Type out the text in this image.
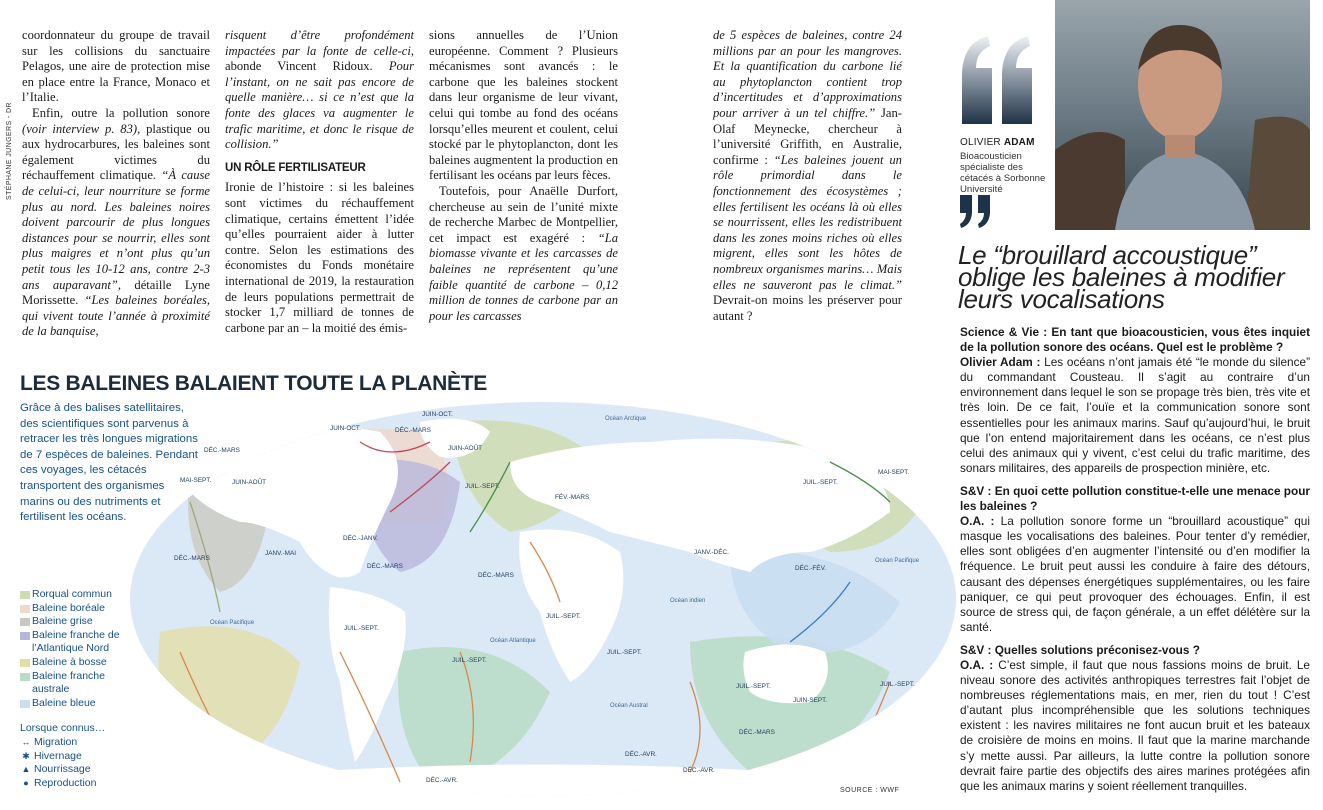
STÉPHANE JUNGERS - DR

coordonnateur du groupe de travail sur les collisions du sanctuaire Pelagos, une aire de protection mise en place entre la France, Monaco et l’Italie.

Enfin, outre la pollution sonore (voir interview p. 83), plastique ou aux hydrocarbures, les baleines sont également victimes du réchauffement climatique. “À cause de celui-ci, leur nourriture se forme plus au nord. Les baleines noires doivent parcourir de plus longues distances pour se nourrir, elles sont plus maigres et n’ont plus qu’un petit tous les 10-12 ans, contre 2-3 ans auparavant”, détaille Lyne Morissette. “Les baleines boréales, qui vivent toute l’année à proximité de la banquise,

risquent d’être profondément impactées par la fonte de celle-ci, abonde Vincent Ridoux. Pour l’instant, on ne sait pas encore de quelle manière… si ce n’est que la fonte des glaces va augmenter le trafic maritime, et donc le risque de collision.”

UN RÔLE FERTILISATEUR

Ironie de l’histoire : si les baleines sont victimes du réchauffement climatique, certains émettent l’idée qu’elles pourraient aider à lutter contre. Selon les estimations des économistes du Fonds monétaire international de 2019, la restauration de leurs populations permettrait de stocker 1,7 milliard de tonnes de carbone par an – la moitié des émis-

sions annuelles de l’Union européenne. Comment ? Plusieurs mécanismes sont avancés : le carbone que les baleines stockent dans leur organisme de leur vivant, celui qui tombe au fond des océans lorsqu’elles meurent et coulent, celui stocké par le phytoplancton, dont les baleines augmentent la production en fertilisant les océans par leurs fèces.

Toutefois, pour Anaëlle Durfort, chercheuse au sein de l’unité mixte de recherche Marbec de Montpellier, cet impact est exagéré : “La biomasse vivante et les carcasses de baleines ne représentent qu’une faible quantité de carbone – 0,12 million de tonnes de carbone par an pour les carcasses

de 5 espèces de baleines, contre 24 millions par an pour les mangroves. Et la quantification du carbone lié au phytoplancton contient trop d’incertitudes et d’approximations pour arriver à un tel chiffre.” Jan-Olaf Meynecke, chercheur à l’université Griffith, en Australie, confirme : “Les baleines jouent un rôle primordial dans le fonctionnement des écosystèmes ; elles fertilisent les océans là où elles se nourrissent, elles les redistribuent dans les zones moins riches où elles migrent, elles sont les hôtes de nombreux organismes marins… Mais elles ne sauveront pas le climat.” Devrait-on moins les préserver pour autant ?

LES BALEINES BALAIENT TOUTE LA PLANÈTE
Grâce à des balises satellitaires, des scientifiques sont parvenus à retracer les très longues migrations de 7 espèces de baleines. Pendant ces voyages, les cétacés transportent des organismes marins ou des nutriments et fertilisent les océans.
Océan Arctique
Océan Pacifique
Océan Pacifique
Océan Atlantique
Océan indien
Océan Austral
JUIN-OCT.
JUIN-OCT.
DÉC.-MARS
DÉC.-MARS	JUIN-AOÛT
MAI-SEPT.	JUIN-AOÛT
JUIL.-SEPT.
FÉV.-MARS
DÉC.-JANV.
DÉC.-MARS
JANV.-MAI
DÉC.-MARS
DÉC.-MARS
JANV.-DÉC.
JUIL.-SEPT.
MAI-SEPT.
DÉC.-FÉV.
JUIL.-SEPT.
JUIL.-SEPT.
JUIL.-SEPT.
JUIL.-SEPT.
JUIL.-SEPT.
JUIN-SEPT.
JUIL.-SEPT.
DÉC.-MARS
DÉC.-AVR.
DÉC.-AVR.
DÉC.-AVR.
SOURCE : WWF
Rorqual commun
Baleine boréale
Baleine grise
Baleine franche de l’Atlantique Nord
Baleine à bosse
Baleine franche australe
Baleine bleue
Lorsque connus…
↔ Migration
✱ Hivernage
▲ Nourrissage
● Reproduction
OLIVIER ADAM
Bioacousticien spécialiste des cétacés à Sorbonne Université
Le “brouillard accoustique” oblige les baleines à modifier leurs vocalisations
Science & Vie : En tant que bioacousticien, vous êtes inquiet de la pollution sonore des océans. Quel est le problème ?
Olivier Adam : Les océans n’ont jamais été “le monde du silence” du commandant Cousteau. Il s’agit au contraire d’un environnement dans lequel le son se propage très bien, très vite et très loin. De ce fait, l’ouïe et la communication sonore sont essentielles pour les animaux marins. Sauf qu’aujourd’hui, le bruit que l’on entend majoritairement dans les océans, ce n’est plus celui des animaux qui y vivent, c’est celui du trafic maritime, des sonars militaires, des appareils de prospection minière, etc.
S&V : En quoi cette pollution constitue-t-elle une menace pour les baleines ?
O.A. : La pollution sonore forme un “brouillard acoustique” qui masque les vocalisations des baleines. Pour tenter d’y remédier, elles sont obligées d’en augmenter l’intensité ou d’en modifier la fréquence. Le bruit peut aussi les conduire à faire des détours, causant des dépenses énergétiques supplémentaires, ou les faire paniquer, ce qui peut provoquer des échouages. Enfin, il est source de stress qui, de façon générale, a un effet délétère sur la santé.
S&V : Quelles solutions préconisez-vous ?
O.A. : C’est simple, il faut que nous fassions moins de bruit. Le niveau sonore des activités anthropiques terrestres fait l’objet de nombreuses réglementations mais, en mer, rien du tout ! C’est d’autant plus incompréhensible que les solutions techniques existent : les navires militaires ne font aucun bruit et les bateaux de croisière de moins en moins. Il faut que la marine marchande s’y mette aussi. Par ailleurs, la lutte contre la pollution sonore devrait faire partie des objectifs des aires marines protégées afin que les animaux marins y soient réellement tranquilles.
